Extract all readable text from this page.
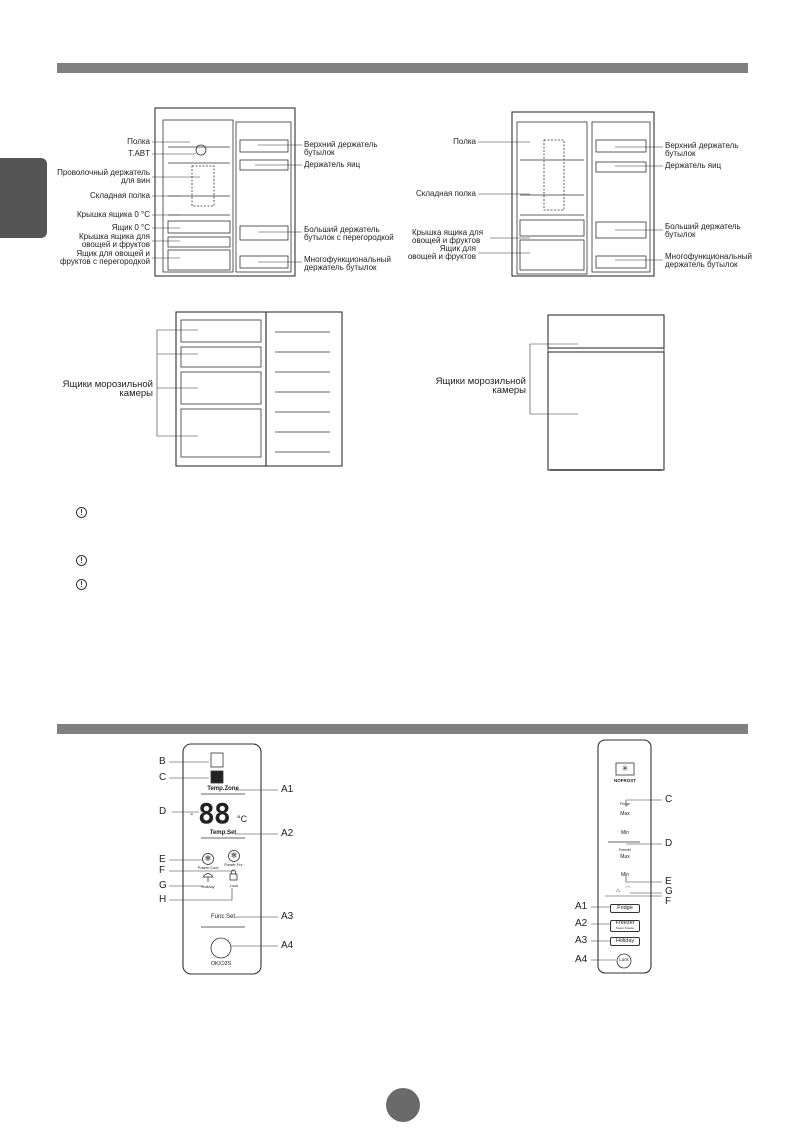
Полка
T.ABT
Проволочный держатель
для вин
Складная полка
Крышка ящика 0 °C
Ящик 0 °C
Крышка ящика для
овощей и фруктов
Ящик для овощей и
фруктов с перегородкой
Верхний держатель
бутылок
Держатель яиц
Больший держатель
бутылок с перегородкой
Многофункциональный
держатель бутылок
Полка
Складная полка
Крышка ящика для
овощей и фруктов
Ящик для
овощей и фруктов
Верхний держатель
бутылок
Держатель яиц
Больший держатель
бутылок
Многофункциональный
держатель бутылок
Ящики морозильной
камеры
Ящики морозильной
камеры
!
!
!
B
C
D
E
F
G
H
A1
A2
A3
A4
Temp.Zone
- 88 °C
Temp.Set
❄ ❄
Power Cool
Power Frz.
Holiday	Lock
Func.Set
OK/⏻3S
✳
NOFROST
Fridge
Max
Min
Freezer
Max
Min
⌂ ⌒
Fridge
Freezer
Super Freeze
Holiday
Lock
C
D
E
G
F
A1
A2
A3
A4
